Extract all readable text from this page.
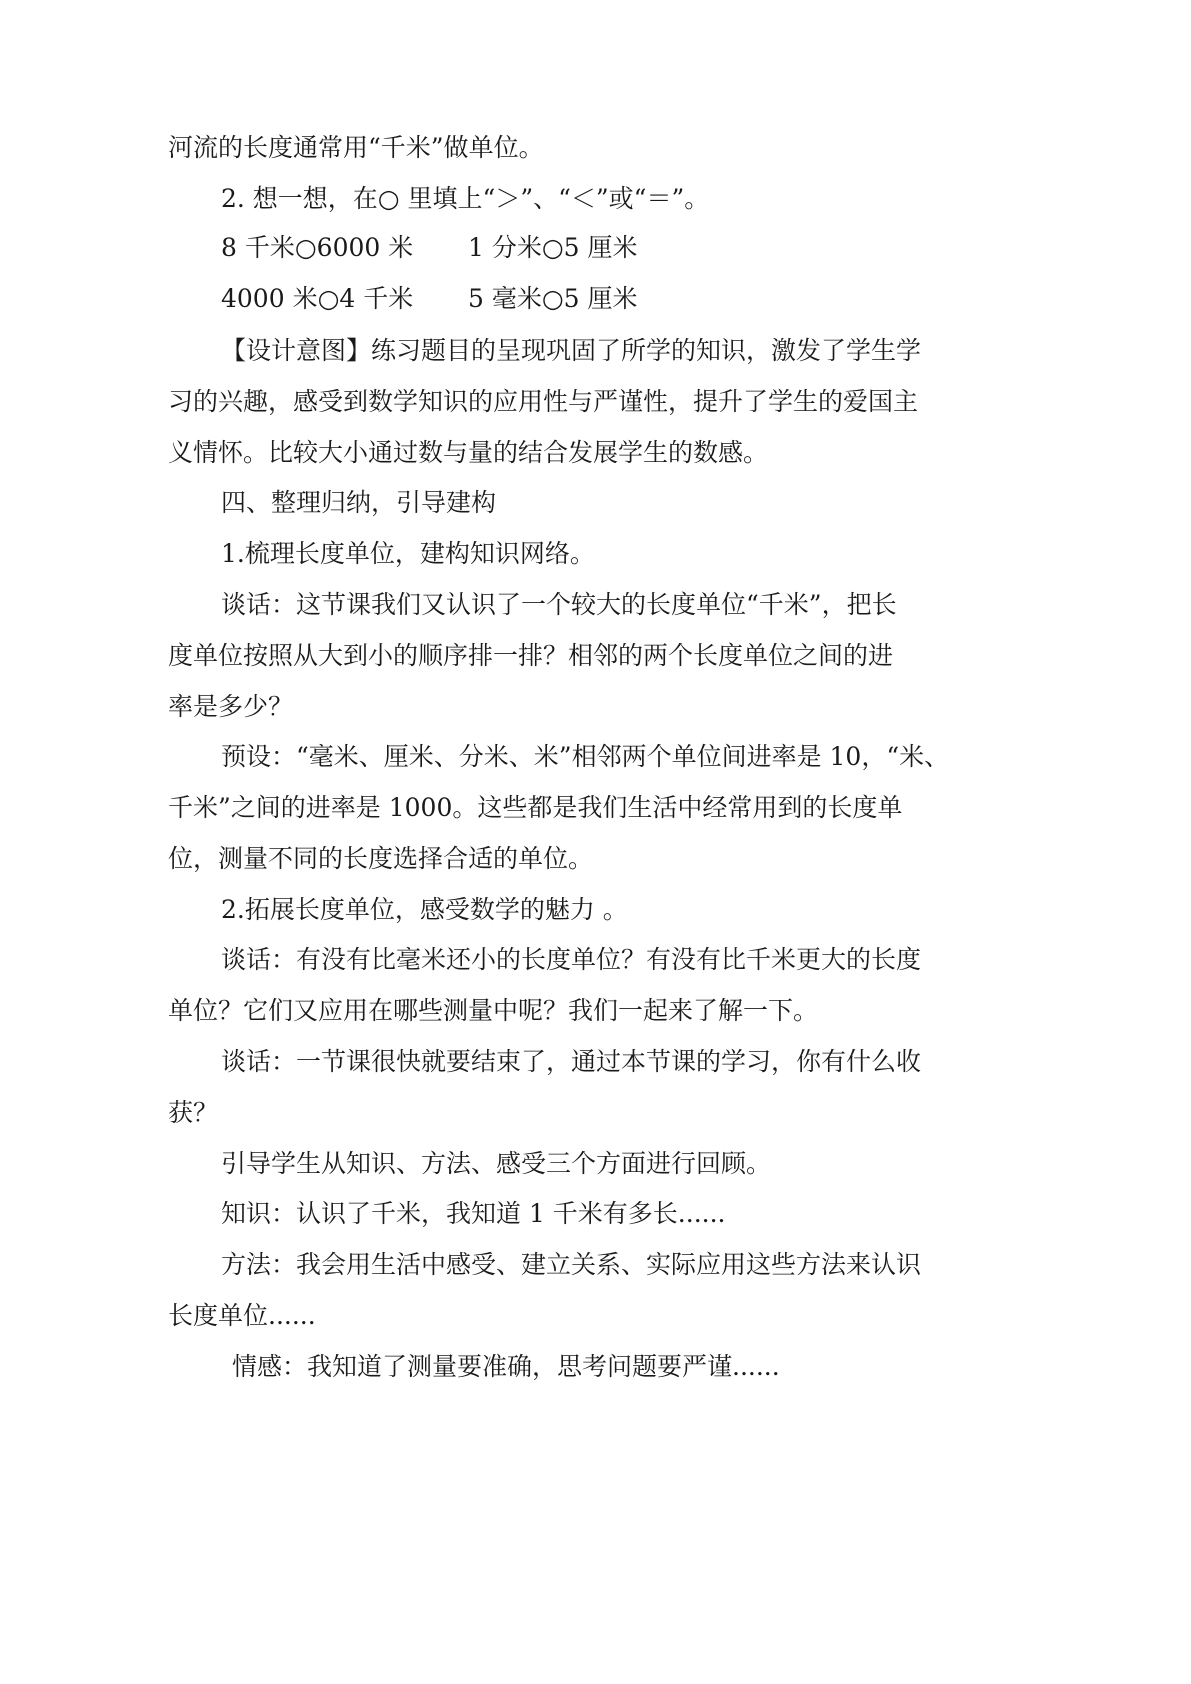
河流的长度通常用“千米”做单位。
2. 想一想，在○ 里填上“＞”、“＜”或“＝”。
8 千米○6000 米 1 分米○5 厘米
4000 米○4 千米 5 毫米○5 厘米
【设计意图】练习题目的呈现巩固了所学的知识，激发了学生学
习的兴趣，感受到数学知识的应用性与严谨性，提升了学生的爱国主
义情怀。比较大小通过数与量的结合发展学生的数感。
四、整理归纳，引导建构
1.梳理长度单位，建构知识网络。
谈话：这节课我们又认识了一个较大的长度单位“千米”，把长
度单位按照从大到小的顺序排一排？相邻的两个长度单位之间的进
率是多少？
预设：“毫米、厘米、分米、米”相邻两个单位间进率是 10，“米、
千米”之间的进率是 1000。这些都是我们生活中经常用到的长度单
位，测量不同的长度选择合适的单位。
2.拓展长度单位，感受数学的魅力 。
谈话：有没有比毫米还小的长度单位？有没有比千米更大的长度
单位？它们又应用在哪些测量中呢？我们一起来了解一下。
谈话：一节课很快就要结束了，通过本节课的学习，你有什么收
获？
引导学生从知识、方法、感受三个方面进行回顾。
知识：认识了千米，我知道 1 千米有多长......
方法：我会用生活中感受、建立关系、实际应用这些方法来认识
长度单位......
情感：我知道了测量要准确，思考问题要严谨......
